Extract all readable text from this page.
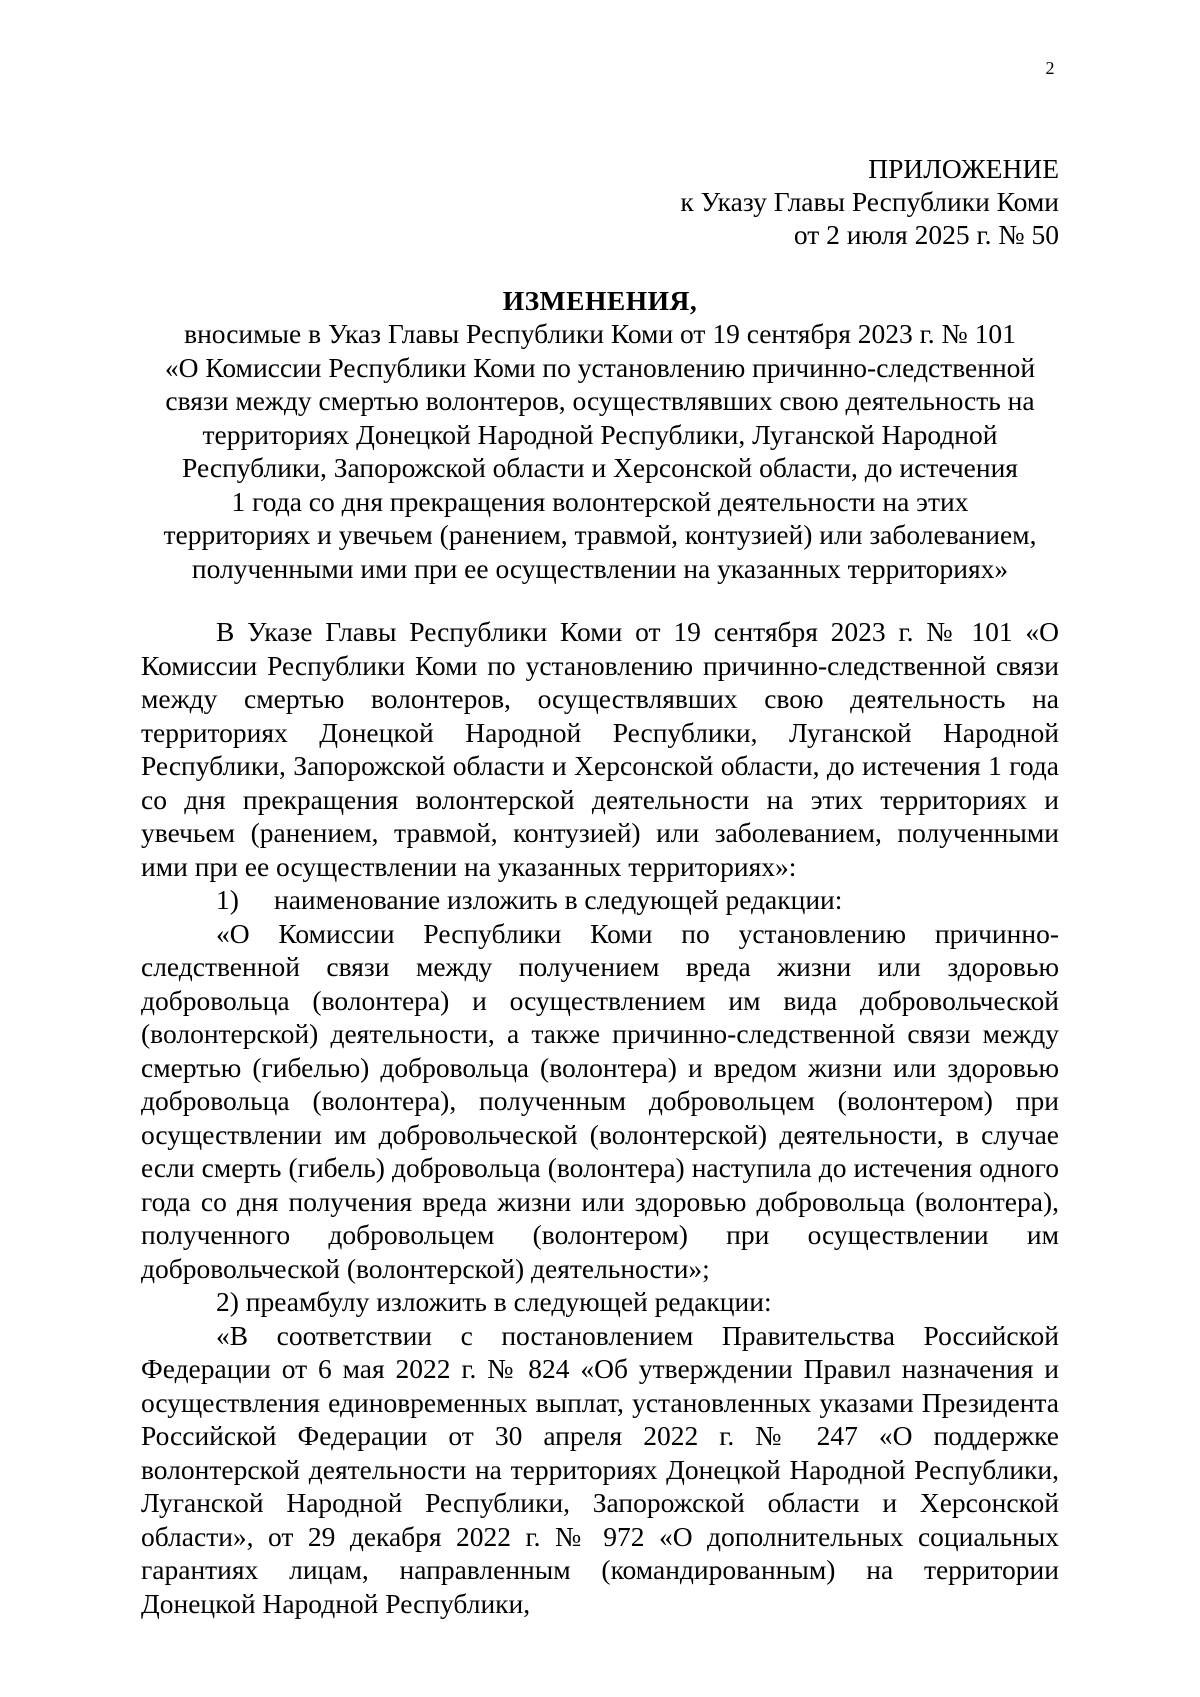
2
ПРИЛОЖЕНИЕ
к Указу Главы Республики Коми
от 2 июля 2025 г. № 50
ИЗМЕНЕНИЯ,
вносимые в Указ Главы Республики Коми от 19 сентября 2023 г. № 101
«О Комиссии Республики Коми по установлению причинно-следственной
связи между смертью волонтеров, осуществлявших свою деятельность на
территориях Донецкой Народной Республики, Луганской Народной
Республики, Запорожской области и Херсонской области, до истечения
1 года со дня прекращения волонтерской деятельности на этих
территориях и увечьем (ранением, травмой, контузией) или заболеванием,
полученными ими при ее осуществлении на указанных территориях»

В Указе Главы Республики Коми от 19 сентября 2023 г. № 101 «О Комиссии Республики Коми по установлению причинно-следственной связи между смертью волонтеров, осуществлявших свою деятельность на территориях Донецкой Народной Республики, Луганской Народной Республики, Запорожской области и Херсонской области, до истечения 1 года со дня прекращения волонтерской деятельности на этих территориях и увечьем (ранением, травмой, контузией) или заболеванием, полученными ими при ее осуществлении на указанных территориях»:

1) наименование изложить в следующей редакции:

«О Комиссии Республики Коми по установлению причинно-следственной связи между получением вреда жизни или здоровью добровольца (волонтера) и осуществлением им вида добровольческой (волонтерской) деятельности, а также причинно-следственной связи между смертью (гибелью) добровольца (волонтера) и вредом жизни или здоровью добровольца (волонтера), полученным добровольцем (волонтером) при осуществлении им добровольческой (волонтерской) деятельности, в случае если смерть (гибель) добровольца (волонтера) наступила до истечения одного года со дня получения вреда жизни или здоровью добровольца (волонтера), полученного добровольцем (волонтером) при осуществлении им добровольческой (волонтерской) деятельности»;

2) преамбулу изложить в следующей редакции:

«В соответствии с постановлением Правительства Российской Федерации от 6 мая 2022 г. № 824 «Об утверждении Правил назначения и осуществления единовременных выплат, установленных указами Президента Российской Федерации от 30 апреля 2022 г. № 247 «О поддержке волонтерской деятельности на территориях Донецкой Народной Республики, Луганской Народной Республики, Запорожской области и Херсонской области», от 29 декабря 2022 г. № 972 «О дополнительных социальных гарантиях лицам, направленным (командированным) на территории Донецкой Народной Республики,
